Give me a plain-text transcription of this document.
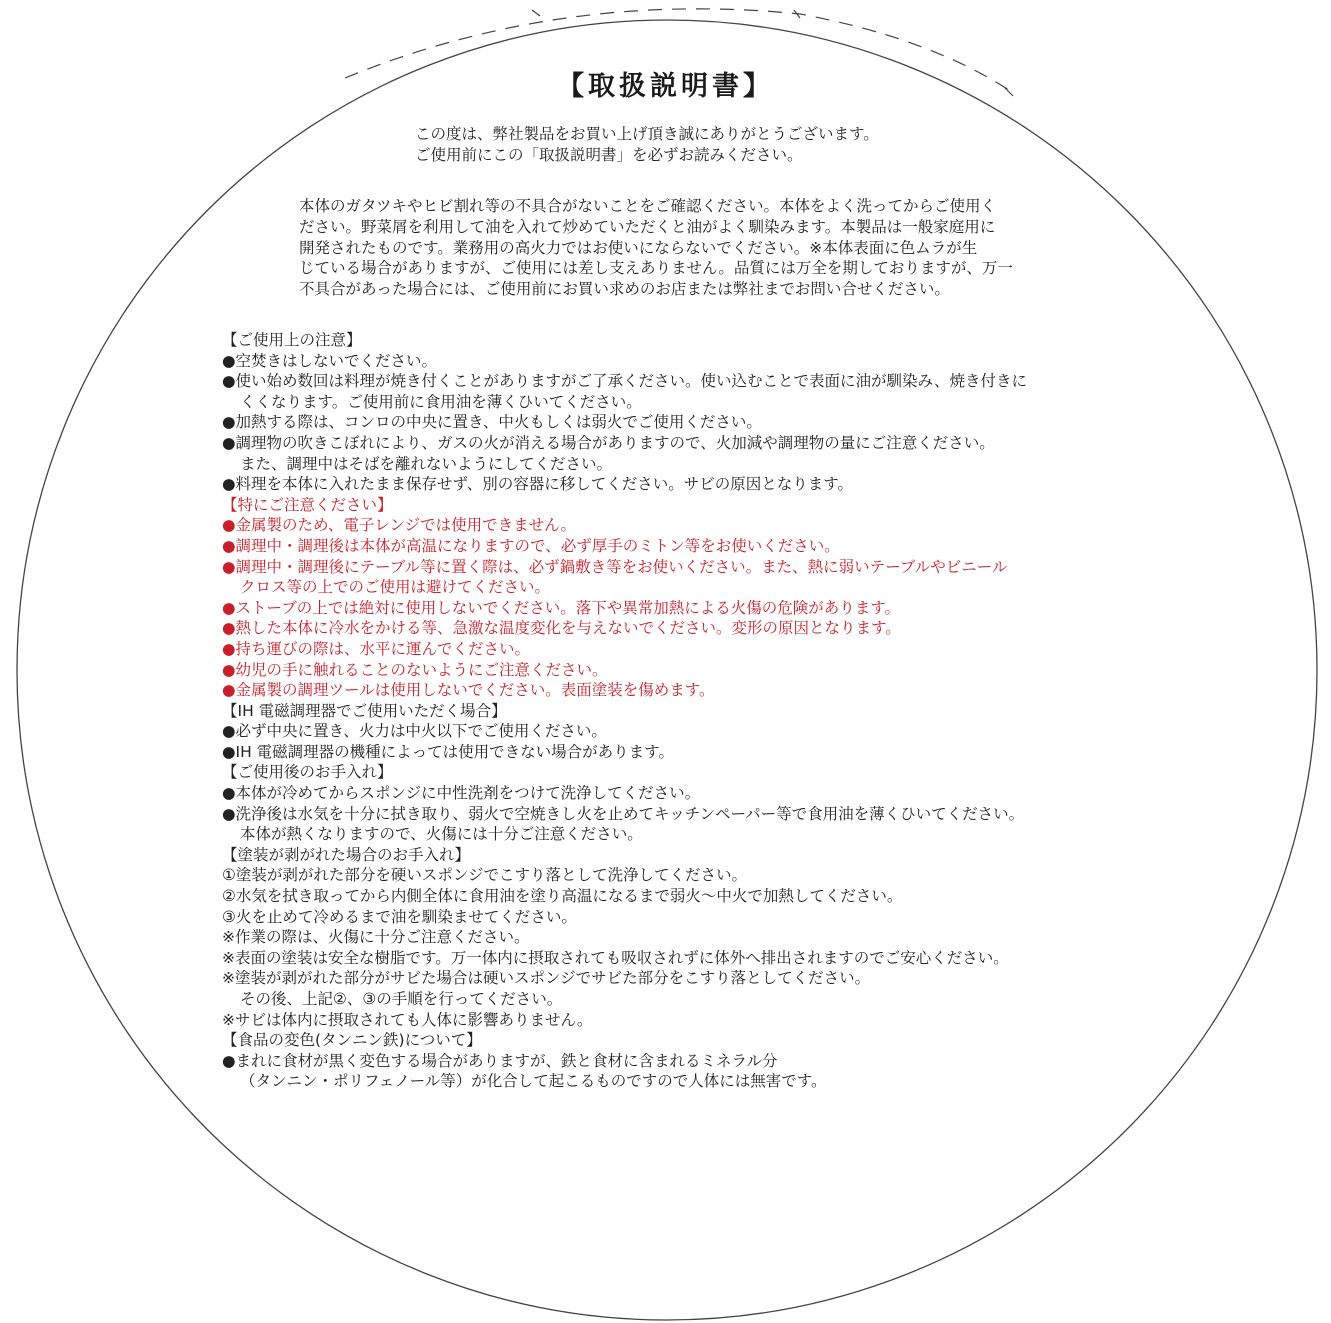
【取扱説明書】
この度は、弊社製品をお買い上げ頂き誠にありがとうございます。
ご使用前にこの「取扱説明書」を必ずお読みください。
本体のガタツキやヒビ割れ等の不具合がないことをご確認ください。本体をよく洗ってからご使用く
ださい。野菜屑を利用して油を入れて炒めていただくと油がよく馴染みます。本製品は一般家庭用に
開発されたものです。業務用の高火力ではお使いにならないでください。※本体表面に色ムラが生
じている場合がありますが、ご使用には差し支えありません。品質には万全を期しておりますが、万一
不具合があった場合には、ご使用前にお買い求めのお店または弊社までお問い合せください。
【ご使用上の注意】
●空焚きはしないでください。
●使い始め数回は料理が焼き付くことがありますがご了承ください。使い込むことで表面に油が馴染み、焼き付きに
くくなります。ご使用前に食用油を薄くひいてください。
●加熱する際は、コンロの中央に置き、中火もしくは弱火でご使用ください。
●調理物の吹きこぼれにより、ガスの火が消える場合がありますので、火加減や調理物の量にご注意ください。
また、調理中はそばを離れないようにしてください。
●料理を本体に入れたまま保存せず、別の容器に移してください。サビの原因となります。
【特にご注意ください】
●金属製のため、電子レンジでは使用できません。
●調理中・調理後は本体が高温になりますので、必ず厚手のミトン等をお使いください。
●調理中・調理後にテーブル等に置く際は、必ず鍋敷き等をお使いください。また、熱に弱いテーブルやビニール
クロス等の上でのご使用は避けてください。
●ストーブの上では絶対に使用しないでください。落下や異常加熱による火傷の危険があります。
●熱した本体に冷水をかける等、急激な温度変化を与えないでください。変形の原因となります。
●持ち運びの際は、水平に運んでください。
●幼児の手に触れることのないようにご注意ください。
●金属製の調理ツールは使用しないでください。表面塗装を傷めます。
【IH 電磁調理器でご使用いただく場合】
●必ず中央に置き、火力は中火以下でご使用ください。
●IH 電磁調理器の機種によっては使用できない場合があります。
【ご使用後のお手入れ】
●本体が冷めてからスポンジに中性洗剤をつけて洗浄してください。
●洗浄後は水気を十分に拭き取り、弱火で空焼きし火を止めてキッチンペーパー等で食用油を薄くひいてください。
本体が熱くなりますので、火傷には十分ご注意ください。
【塗装が剥がれた場合のお手入れ】
①塗装が剥がれた部分を硬いスポンジでこすり落として洗浄してください。
②水気を拭き取ってから内側全体に食用油を塗り高温になるまで弱火～中火で加熱してください。
③火を止めて冷めるまで油を馴染ませてください。
※作業の際は、火傷に十分ご注意ください。
※表面の塗装は安全な樹脂です。万一体内に摂取されても吸収されずに体外へ排出されますのでご安心ください。
※塗装が剥がれた部分がサビた場合は硬いスポンジでサビた部分をこすり落としてください。
その後、上記②、③の手順を行ってください。
※サビは体内に摂取されても人体に影響ありません。
【食品の変色(タンニン鉄)について】
●まれに食材が黒く変色する場合がありますが、鉄と食材に含まれるミネラル分
（タンニン・ポリフェノール等）が化合して起こるものですので人体には無害です。
